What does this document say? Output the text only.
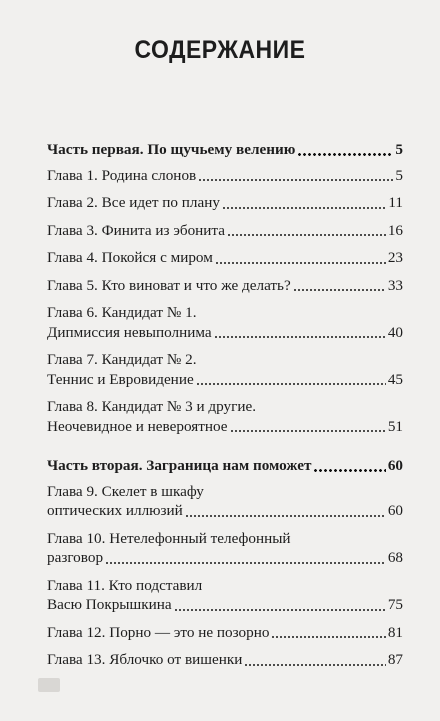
СОДЕРЖАНИЕ
Часть первая. По щучьему велению	5
Глава 1. Родина слонов	5
Глава 2. Все идет по плану	11
Глава 3. Финита из эбонита	16
Глава 4. Покойся с миром	23
Глава 5. Кто виноват и что же делать?	33
Глава 6. Кандидат № 1.
Дипмиссия невыполнима	40
Глава 7. Кандидат № 2.
Теннис и Евровидение	45
Глава 8. Кандидат № 3 и другие.
Неочевидное и невероятное	51
Часть вторая. Заграница нам поможет	60
Глава 9. Скелет в шкафу
оптических иллюзий	60
Глава 10. Нетелефонный телефонный
разговор	68
Глава 11. Кто подставил
Васю Покрышкина	75
Глава 12. Порно — это не позорно	81
Глава 13. Яблочко от вишенки	87
